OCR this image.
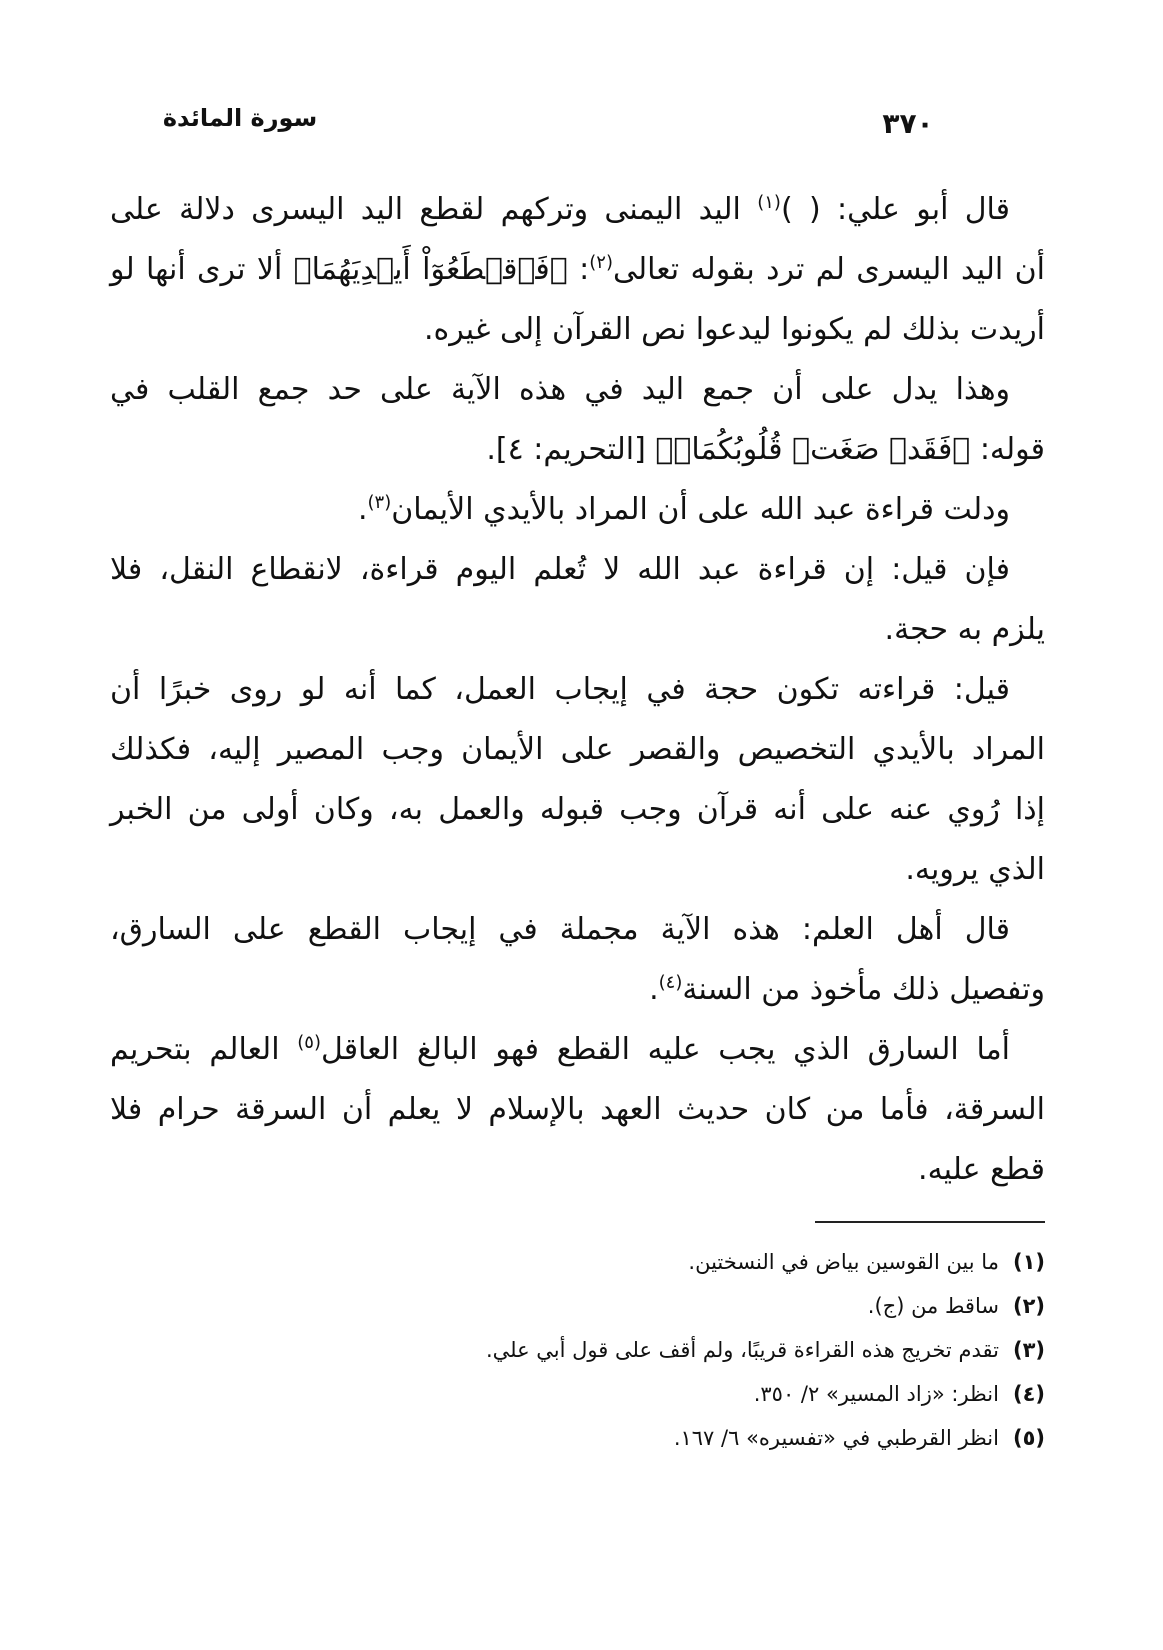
سورة المائدة	٣٧٠
قال أبو علي: ( )$^{(١)}$ اليد اليمنى وتركهم لقطع اليد اليسرى دلالة على
أن اليد اليسرى لم ترد بقوله تعالى$^{(٢)}$: ﴿فَٱقۡطَعُوٓاْ أَيۡدِيَهُمَا﴾ ألا ترى أنها لو
أريدت بذلك لم يكونوا ليدعوا نص القرآن إلى غيره.
وهذا يدل على أن جمع اليد في هذه الآية على حد جمع القلب في
قوله: ﴿فَقَدۡ صَغَتۡ قُلُوبُكُمَاۖ﴾ [التحريم: ٤].
ودلت قراءة عبد الله على أن المراد بالأيدي الأيمان$^{(٣)}$.
فإن قيل: إن قراءة عبد الله لا تُعلم اليوم قراءة، لانقطاع النقل، فلا
يلزم به حجة.
قيل: قراءته تكون حجة في إيجاب العمل، كما أنه لو روى خبرًا أن
المراد بالأيدي التخصيص والقصر على الأيمان وجب المصير إليه، فكذلك
إذا رُوي عنه على أنه قرآن وجب قبوله والعمل به، وكان أولى من الخبر
الذي يرويه.
قال أهل العلم: هذه الآية مجملة في إيجاب القطع على السارق،
وتفصيل ذلك مأخوذ من السنة$^{(٤)}$.
أما السارق الذي يجب عليه القطع فهو البالغ العاقل$^{(٥)}$ العالم بتحريم
السرقة، فأما من كان حديث العهد بالإسلام لا يعلم أن السرقة حرام فلا
قطع عليه.
(١)
ما بين القوسين بياض في النسختين.
(٢)
ساقط من (ج).
(٣)
تقدم تخريج هذه القراءة قريبًا، ولم أقف على قول أبي علي.
(٤)
انظر: «زاد المسير» ٢/ ٣٥٠.
(٥)
انظر القرطبي في «تفسيره» ٦/ ١٦٧.
